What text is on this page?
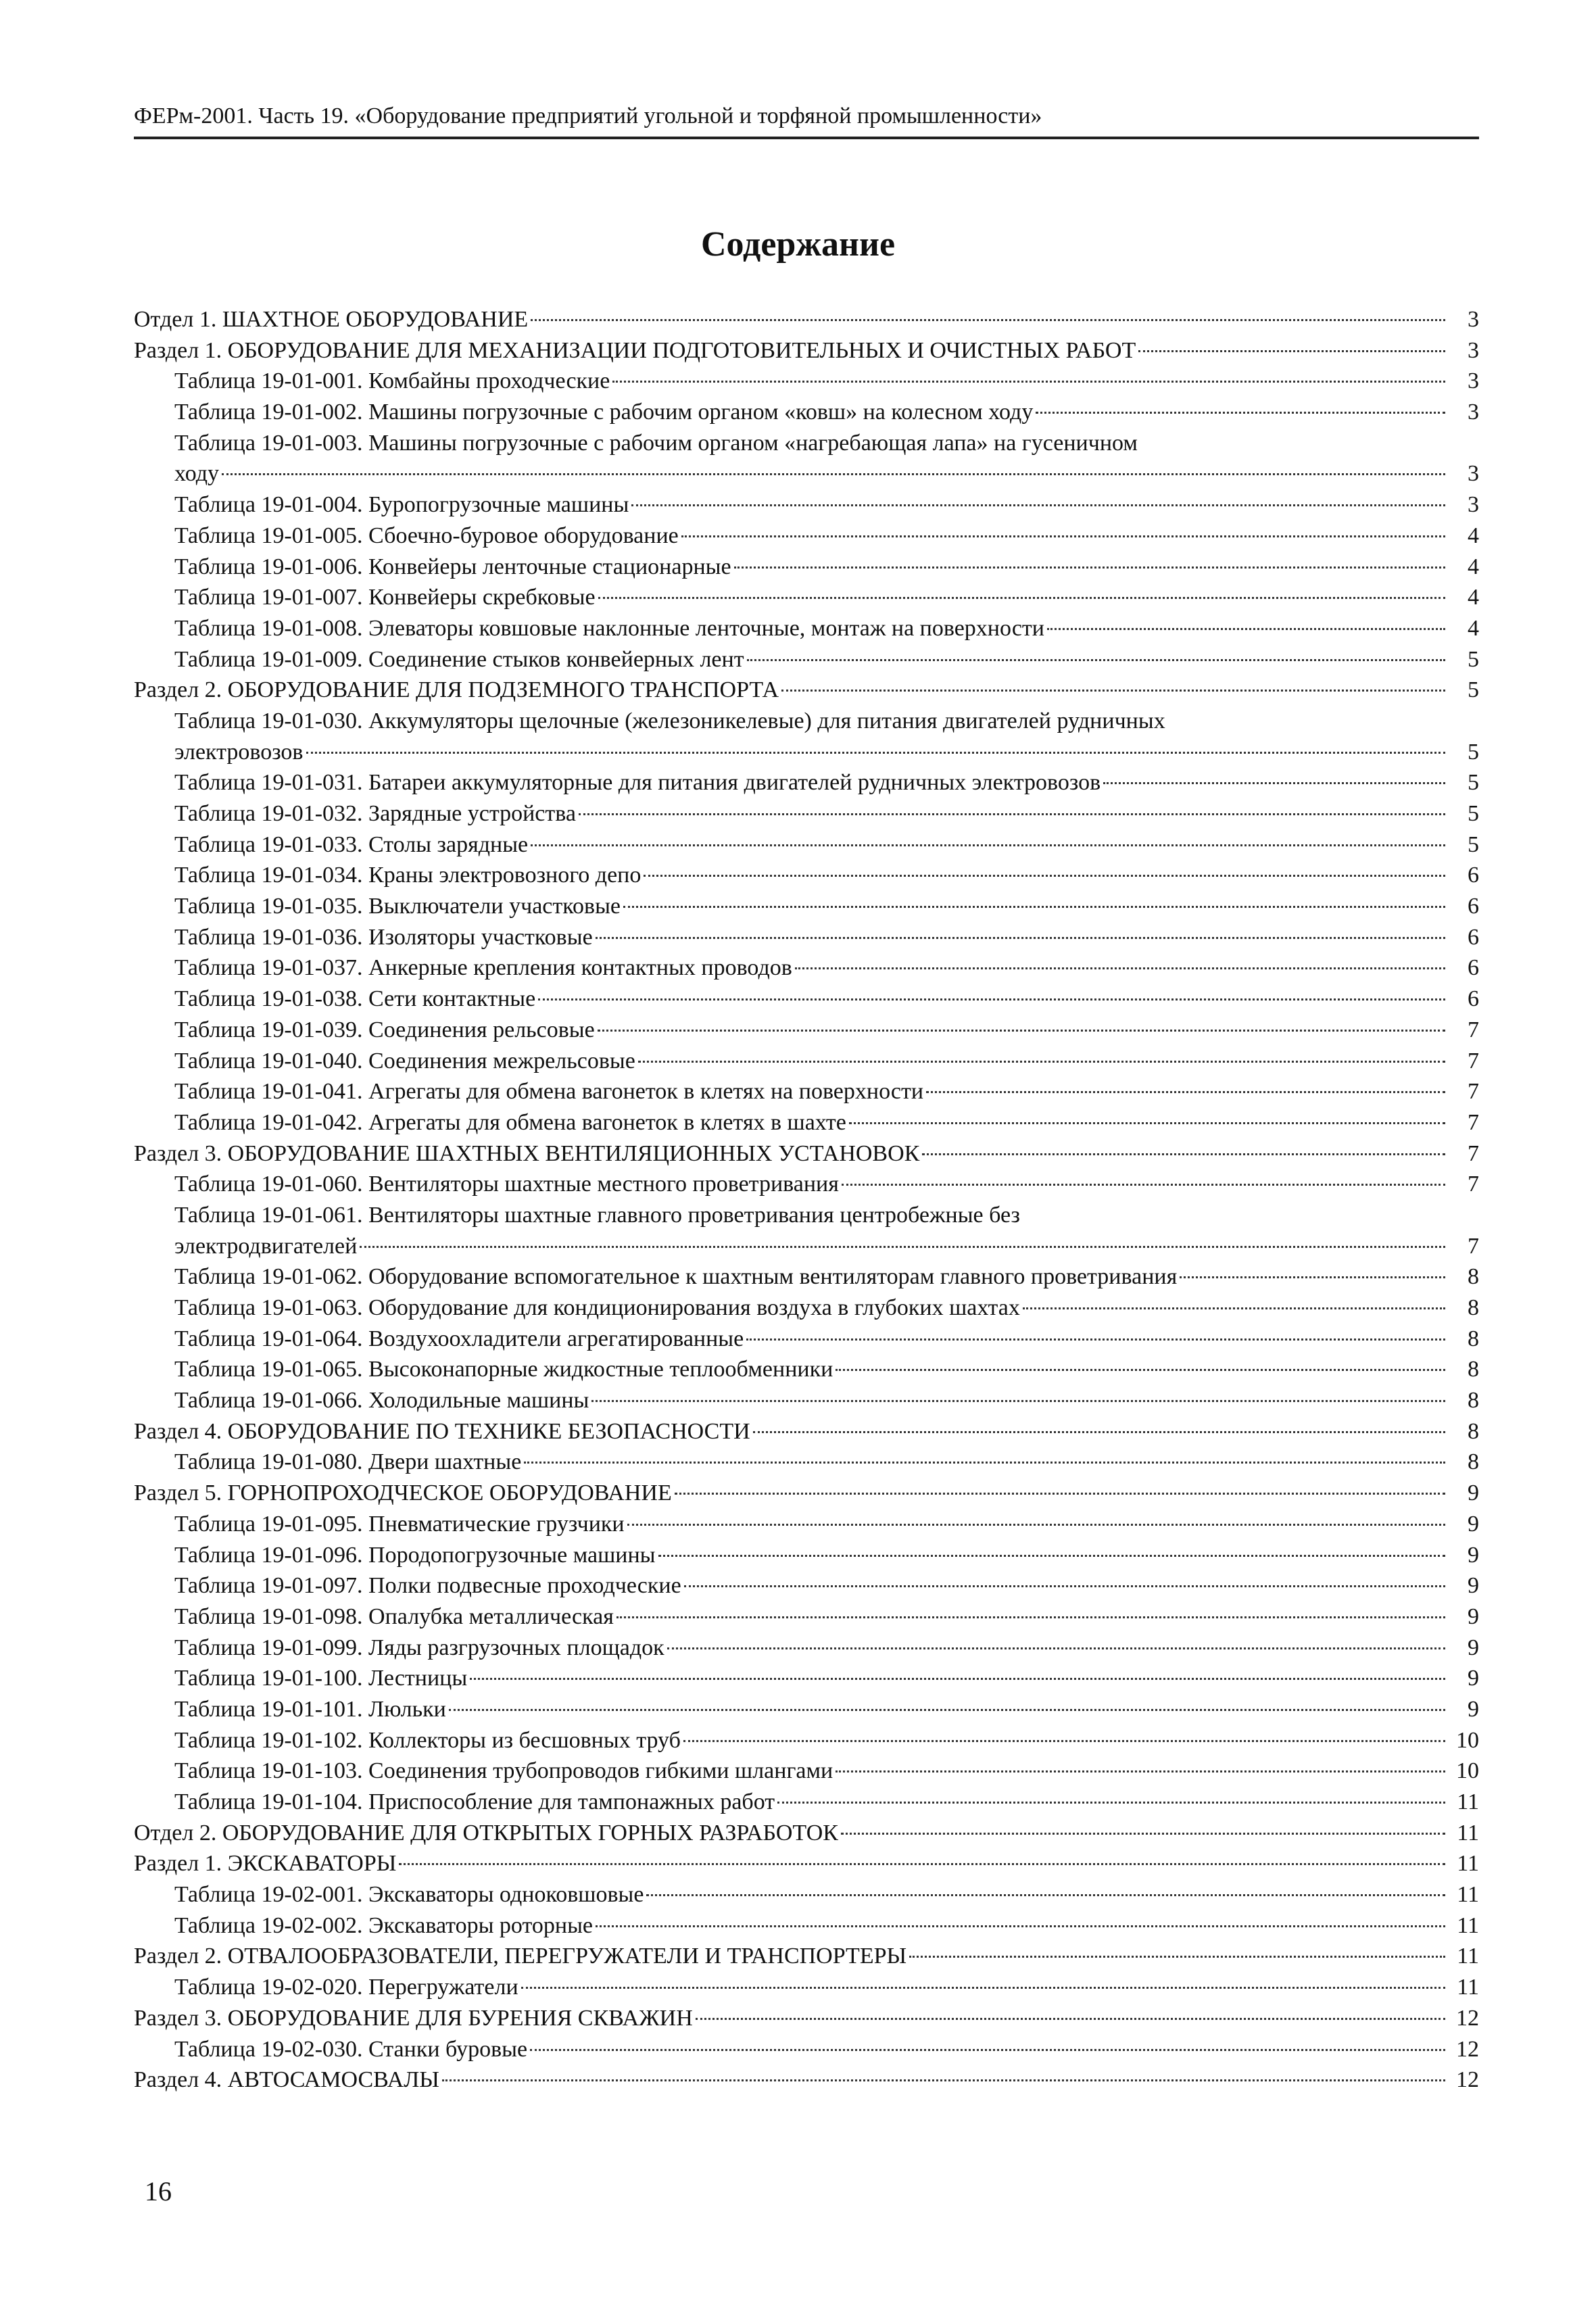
ФЕРм-2001. Часть 19. «Оборудование предприятий угольной и торфяной промышленности»
Содержание
Отдел 1. ШАХТНОЕ ОБОРУДОВАНИЕ	3
Раздел 1. ОБОРУДОВАНИЕ ДЛЯ МЕХАНИЗАЦИИ ПОДГОТОВИТЕЛЬНЫХ И ОЧИСТНЫХ РАБОТ	3
Таблица 19-01-001. Комбайны проходческие	3
Таблица 19-01-002. Машины погрузочные с рабочим органом «ковш» на колесном ходу	3
Таблица 19-01-003. Машины погрузочные с рабочим органом «нагребающая лапа» на гусеничном
ходу	3
Таблица 19-01-004. Буропогрузочные машины	3
Таблица 19-01-005. Сбоечно-буровое оборудование	4
Таблица 19-01-006. Конвейеры ленточные стационарные	4
Таблица 19-01-007. Конвейеры скребковые	4
Таблица 19-01-008. Элеваторы ковшовые наклонные ленточные, монтаж на поверхности	4
Таблица 19-01-009. Соединение стыков конвейерных лент	5
Раздел 2. ОБОРУДОВАНИЕ ДЛЯ ПОДЗЕМНОГО ТРАНСПОРТА	5
Таблица 19-01-030. Аккумуляторы щелочные (железоникелевые) для питания двигателей рудничных
электровозов	5
Таблица 19-01-031. Батареи аккумуляторные для питания двигателей рудничных электровозов	5
Таблица 19-01-032. Зарядные устройства	5
Таблица 19-01-033. Столы зарядные	5
Таблица 19-01-034. Краны электровозного депо	6
Таблица 19-01-035. Выключатели участковые	6
Таблица 19-01-036. Изоляторы участковые	6
Таблица 19-01-037. Анкерные крепления контактных проводов	6
Таблица 19-01-038. Сети контактные	6
Таблица 19-01-039. Соединения рельсовые	7
Таблица 19-01-040. Соединения межрельсовые	7
Таблица 19-01-041. Агрегаты для обмена вагонеток в клетях на поверхности	7
Таблица 19-01-042. Агрегаты для обмена вагонеток в клетях в шахте	7
Раздел 3. ОБОРУДОВАНИЕ ШАХТНЫХ ВЕНТИЛЯЦИОННЫХ УСТАНОВОК	7
Таблица 19-01-060. Вентиляторы шахтные местного проветривания	7
Таблица 19-01-061. Вентиляторы шахтные главного проветривания центробежные без
электродвигателей	7
Таблица 19-01-062. Оборудование вспомогательное к шахтным вентиляторам главного проветривания	8
Таблица 19-01-063. Оборудование для кондиционирования воздуха в глубоких шахтах	8
Таблица 19-01-064. Воздухоохладители агрегатированные	8
Таблица 19-01-065. Высоконапорные жидкостные теплообменники	8
Таблица 19-01-066. Холодильные машины	8
Раздел 4. ОБОРУДОВАНИЕ ПО ТЕХНИКЕ БЕЗОПАСНОСТИ	8
Таблица 19-01-080. Двери шахтные	8
Раздел 5. ГОРНОПРОХОДЧЕСКОЕ ОБОРУДОВАНИЕ	9
Таблица 19-01-095. Пневматические грузчики	9
Таблица 19-01-096. Породопогрузочные машины	9
Таблица 19-01-097. Полки подвесные проходческие	9
Таблица 19-01-098. Опалубка металлическая	9
Таблица 19-01-099. Ляды разгрузочных площадок	9
Таблица 19-01-100. Лестницы	9
Таблица 19-01-101. Люльки	9
Таблица 19-01-102. Коллекторы из бесшовных труб	10
Таблица 19-01-103. Соединения трубопроводов гибкими шлангами	10
Таблица 19-01-104. Приспособление для тампонажных работ	11
Отдел 2. ОБОРУДОВАНИЕ ДЛЯ ОТКРЫТЫХ ГОРНЫХ РАЗРАБОТОК	11
Раздел 1. ЭКСКАВАТОРЫ	11
Таблица 19-02-001. Экскаваторы одноковшовые	11
Таблица 19-02-002. Экскаваторы роторные	11
Раздел 2. ОТВАЛООБРАЗОВАТЕЛИ, ПЕРЕГРУЖАТЕЛИ И ТРАНСПОРТЕРЫ	11
Таблица 19-02-020. Перегружатели	11
Раздел 3. ОБОРУДОВАНИЕ ДЛЯ БУРЕНИЯ СКВАЖИН	12
Таблица 19-02-030. Станки буровые	12
Раздел 4. АВТОСАМОСВАЛЫ	12
16
